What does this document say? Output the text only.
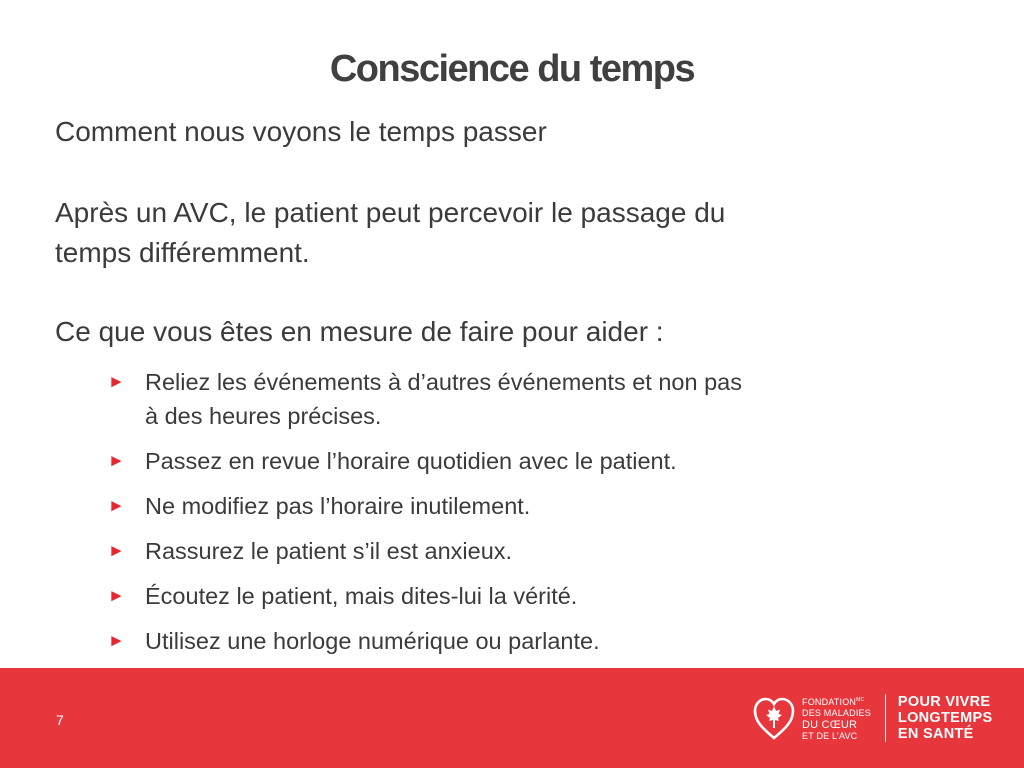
Conscience du temps

Comment nous voyons le temps passer

Après un AVC, le patient peut percevoir le passage du
temps différemment.

Ce que vous êtes en mesure de faire pour aider :

► Reliez les événements à d’autres événements et non pas
à des heures précises.
► Passez en revue l’horaire quotidien avec le patient.
► Ne modifiez pas l’horaire inutilement.
► Rassurez le patient s’il est anxieux.
► Écoutez le patient, mais dites-lui la vérité.
► Utilisez une horloge numérique ou parlante.
7
$FONDATION^{MC}$
DES MALADIES
DU CŒUR
ET DE L’AVC
POUR VIVRE
LONGTEMPS
EN SANTÉ
